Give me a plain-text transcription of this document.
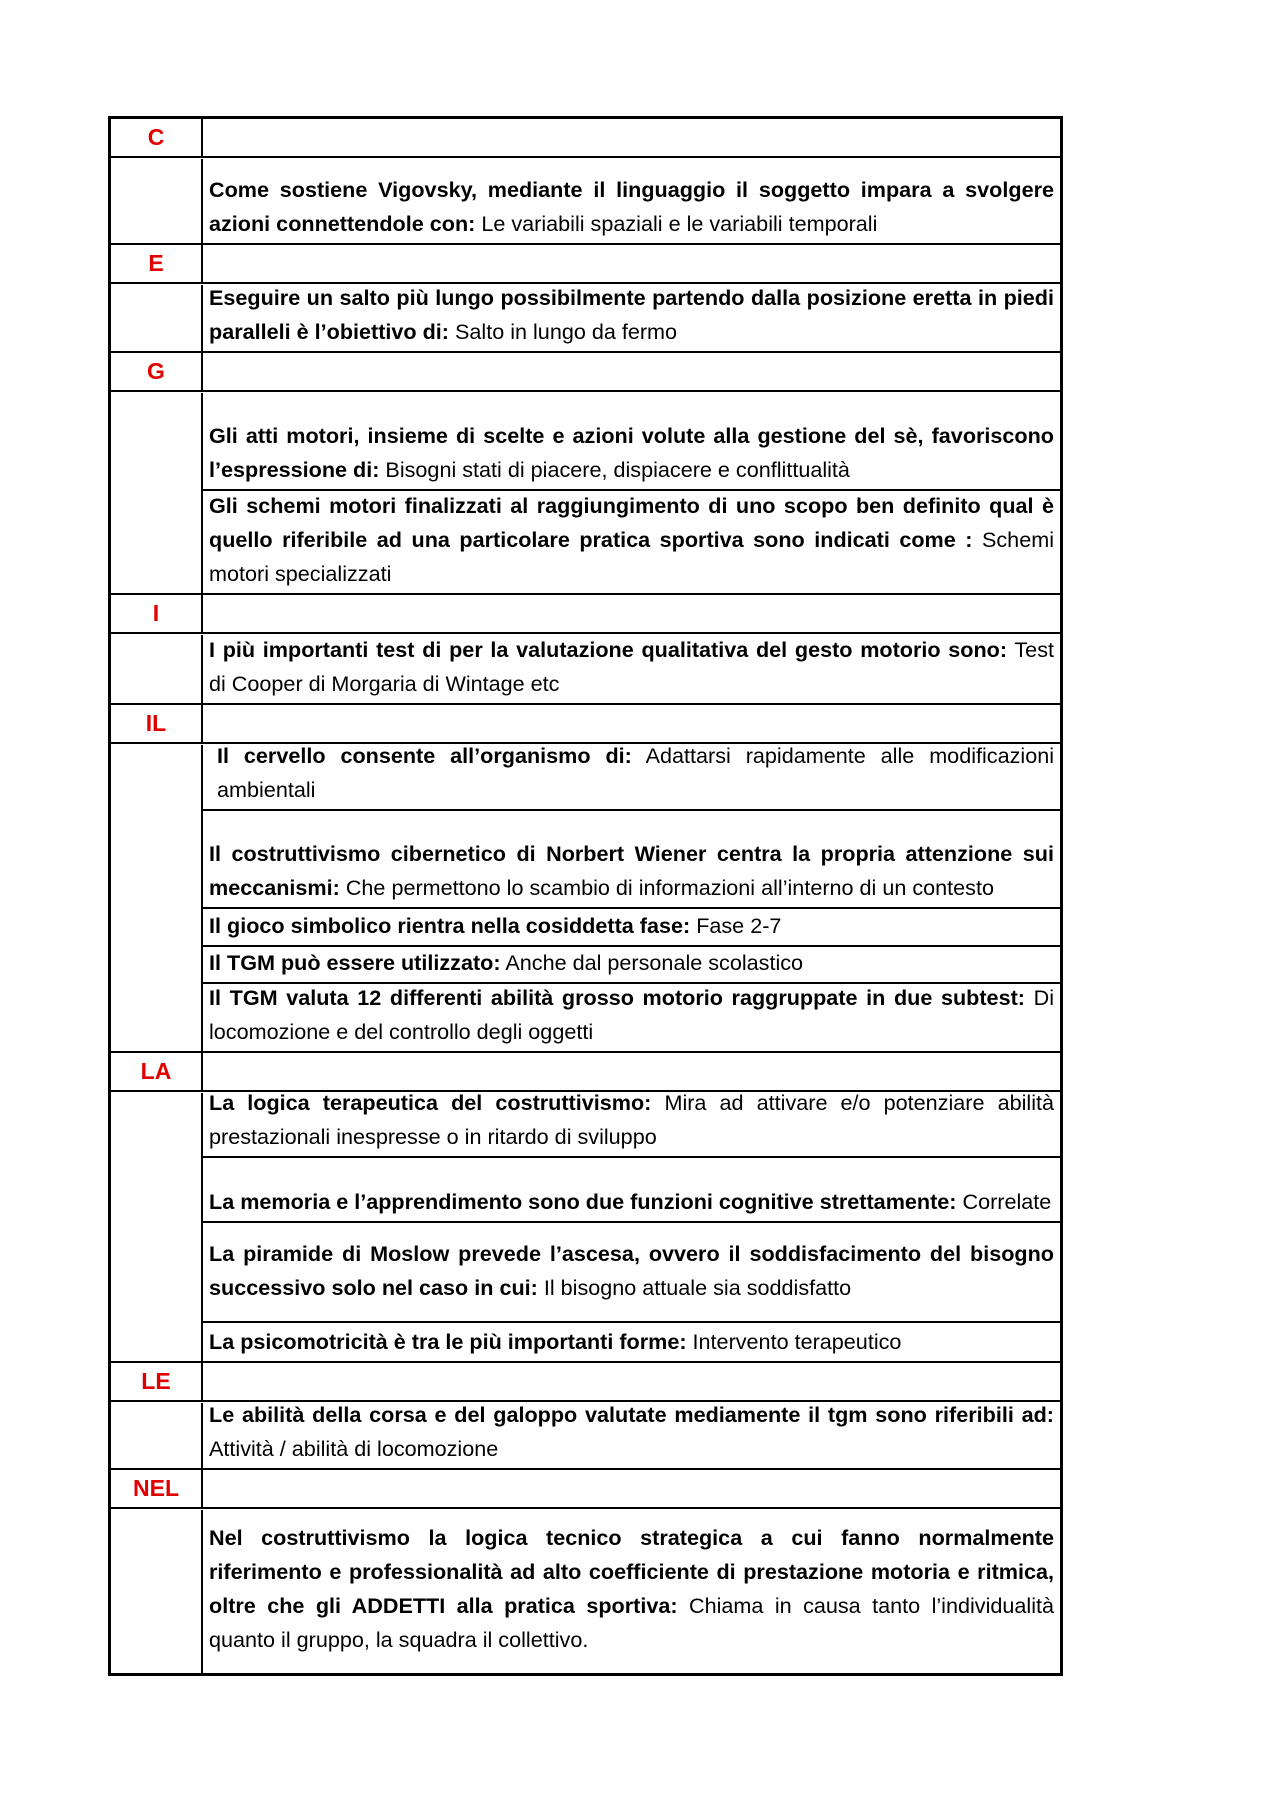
C
Come sostiene Vigovsky, mediante il linguaggio il soggetto impara a svolgere azioni connettendole con: Le variabili spaziali e le variabili temporali
E
Eseguire un salto più lungo possibilmente partendo dalla posizione eretta in piedi paralleli è l’obiettivo di: Salto in lungo da fermo
G
Gli atti motori, insieme di scelte e azioni volute alla gestione del sè, favoriscono l’espressione di: Bisogni stati di piacere, dispiacere e conflittualità
Gli schemi motori finalizzati al raggiungimento di uno scopo ben definito qual è quello riferibile ad una particolare pratica sportiva sono indicati come : Schemi motori specializzati
I
I più importanti test di per la valutazione qualitativa del gesto motorio sono: Test di Cooper di Morgaria di Wintage etc
IL
Il cervello consente all’organismo di: Adattarsi rapidamente alle modificazioni ambientali
Il costruttivismo cibernetico di Norbert Wiener centra la propria attenzione sui meccanismi: Che permettono lo scambio di informazioni all’interno di un contesto
Il gioco simbolico rientra nella cosiddetta fase: Fase 2-7
Il TGM può essere utilizzato: Anche dal personale scolastico
Il TGM valuta 12 differenti abilità grosso motorio raggruppate in due subtest: Di locomozione e del controllo degli oggetti
LA
La logica terapeutica del costruttivismo: Mira ad attivare e/o potenziare abilità prestazionali inespresse o in ritardo di sviluppo
La memoria e l’apprendimento sono due funzioni cognitive strettamente: Correlate
La piramide di Moslow prevede l’ascesa, ovvero il soddisfacimento del bisogno successivo solo nel caso in cui: Il bisogno attuale sia soddisfatto
La psicomotricità è tra le più importanti forme: Intervento terapeutico
LE
Le abilità della corsa e del galoppo valutate mediamente il tgm sono riferibili ad: Attività / abilità di locomozione
NEL
Nel costruttivismo la logica tecnico strategica a cui fanno normalmente riferimento e professionalità ad alto coefficiente di prestazione motoria e ritmica, oltre che gli ADDETTI alla pratica sportiva: Chiama in causa tanto l’individualità quanto il gruppo, la squadra il collettivo.
